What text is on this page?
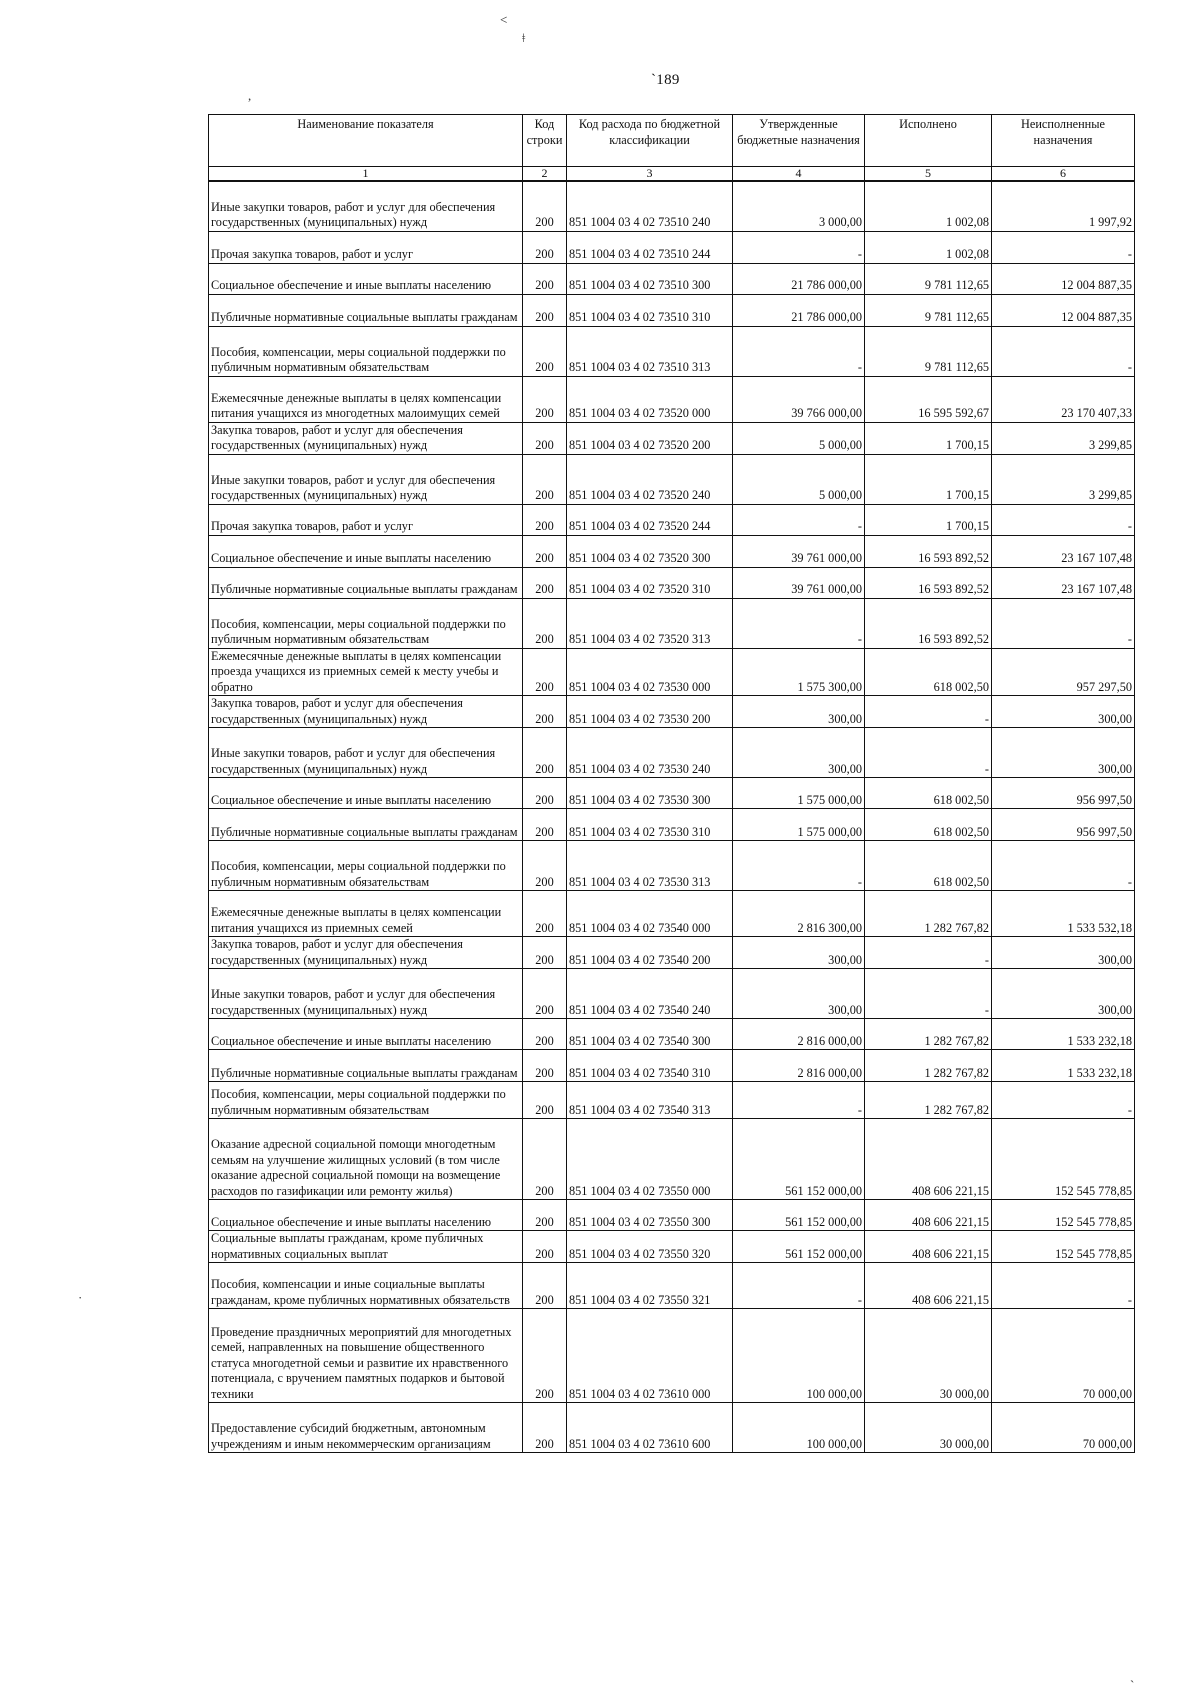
˂ ﾞ
ǂ
,
·
ˎ
`189
Наименование показателя	Код строки	Код расхода по бюджетной классификации	Утвержденные бюджетные назначения	Исполнено	Неисполненные назначения
1	2	3	4	5	6
Иные закупки товаров, работ и услуг для обеспечения государственных (муниципальных) нужд	200	851 1004 03 4 02 73510 240	3 000,00	1 002,08	1 997,92
Прочая закупка товаров, работ и услуг	200	851 1004 03 4 02 73510 244	-	1 002,08	-
Социальное обеспечение и иные выплаты населению	200	851 1004 03 4 02 73510 300	21 786 000,00	9 781 112,65	12 004 887,35
Публичные нормативные социальные выплаты гражданам	200	851 1004 03 4 02 73510 310	21 786 000,00	9 781 112,65	12 004 887,35
Пособия, компенсации, меры социальной поддержки по публичным нормативным обязательствам	200	851 1004 03 4 02 73510 313	-	9 781 112,65	-
Ежемесячные денежные выплаты в целях компенсации питания учащихся из многодетных малоимущих семей	200	851 1004 03 4 02 73520 000	39 766 000,00	16 595 592,67	23 170 407,33
Закупка товаров, работ и услуг для обеспечения государственных (муниципальных) нужд	200	851 1004 03 4 02 73520 200	5 000,00	1 700,15	3 299,85
Иные закупки товаров, работ и услуг для обеспечения государственных (муниципальных) нужд	200	851 1004 03 4 02 73520 240	5 000,00	1 700,15	3 299,85
Прочая закупка товаров, работ и услуг	200	851 1004 03 4 02 73520 244	-	1 700,15	-
Социальное обеспечение и иные выплаты населению	200	851 1004 03 4 02 73520 300	39 761 000,00	16 593 892,52	23 167 107,48
Публичные нормативные социальные выплаты гражданам	200	851 1004 03 4 02 73520 310	39 761 000,00	16 593 892,52	23 167 107,48
Пособия, компенсации, меры социальной поддержки по публичным нормативным обязательствам	200	851 1004 03 4 02 73520 313	-	16 593 892,52	-
Ежемесячные денежные выплаты в целях компенсации проезда учащихся из приемных семей к месту учебы и обратно	200	851 1004 03 4 02 73530 000	1 575 300,00	618 002,50	957 297,50
Закупка товаров, работ и услуг для обеспечения государственных (муниципальных) нужд	200	851 1004 03 4 02 73530 200	300,00	-	300,00
Иные закупки товаров, работ и услуг для обеспечения государственных (муниципальных) нужд	200	851 1004 03 4 02 73530 240	300,00	-	300,00
Социальное обеспечение и иные выплаты населению	200	851 1004 03 4 02 73530 300	1 575 000,00	618 002,50	956 997,50
Публичные нормативные социальные выплаты гражданам	200	851 1004 03 4 02 73530 310	1 575 000,00	618 002,50	956 997,50
Пособия, компенсации, меры социальной поддержки по публичным нормативным обязательствам	200	851 1004 03 4 02 73530 313	-	618 002,50	-
Ежемесячные денежные выплаты в целях компенсации питания учащихся из приемных семей	200	851 1004 03 4 02 73540 000	2 816 300,00	1 282 767,82	1 533 532,18
Закупка товаров, работ и услуг для обеспечения государственных (муниципальных) нужд	200	851 1004 03 4 02 73540 200	300,00	-	300,00
Иные закупки товаров, работ и услуг для обеспечения государственных (муниципальных) нужд	200	851 1004 03 4 02 73540 240	300,00	-	300,00
Социальное обеспечение и иные выплаты населению	200	851 1004 03 4 02 73540 300	2 816 000,00	1 282 767,82	1 533 232,18
Публичные нормативные социальные выплаты гражданам	200	851 1004 03 4 02 73540 310	2 816 000,00	1 282 767,82	1 533 232,18
Пособия, компенсации, меры социальной поддержки по публичным нормативным обязательствам	200	851 1004 03 4 02 73540 313	-	1 282 767,82	-
Оказание адресной социальной помощи многодетным семьям на улучшение жилищных условий (в том числе оказание адресной социальной помощи на возмещение расходов по газификации или ремонту жилья)	200	851 1004 03 4 02 73550 000	561 152 000,00	408 606 221,15	152 545 778,85
Социальное обеспечение и иные выплаты населению	200	851 1004 03 4 02 73550 300	561 152 000,00	408 606 221,15	152 545 778,85
Социальные выплаты гражданам, кроме публичных нормативных социальных выплат	200	851 1004 03 4 02 73550 320	561 152 000,00	408 606 221,15	152 545 778,85
Пособия, компенсации и иные социальные выплаты гражданам, кроме публичных нормативных обязательств	200	851 1004 03 4 02 73550 321	-	408 606 221,15	-
Проведение праздничных мероприятий для многодетных семей, направленных на повышение общественного статуса многодетной семьи и развитие их нравственного потенциала, с вручением памятных подарков и бытовой техники	200	851 1004 03 4 02 73610 000	100 000,00	30 000,00	70 000,00
Предоставление субсидий бюджетным, автономным учреждениям и иным некоммерческим организациям	200	851 1004 03 4 02 73610 600	100 000,00	30 000,00	70 000,00
